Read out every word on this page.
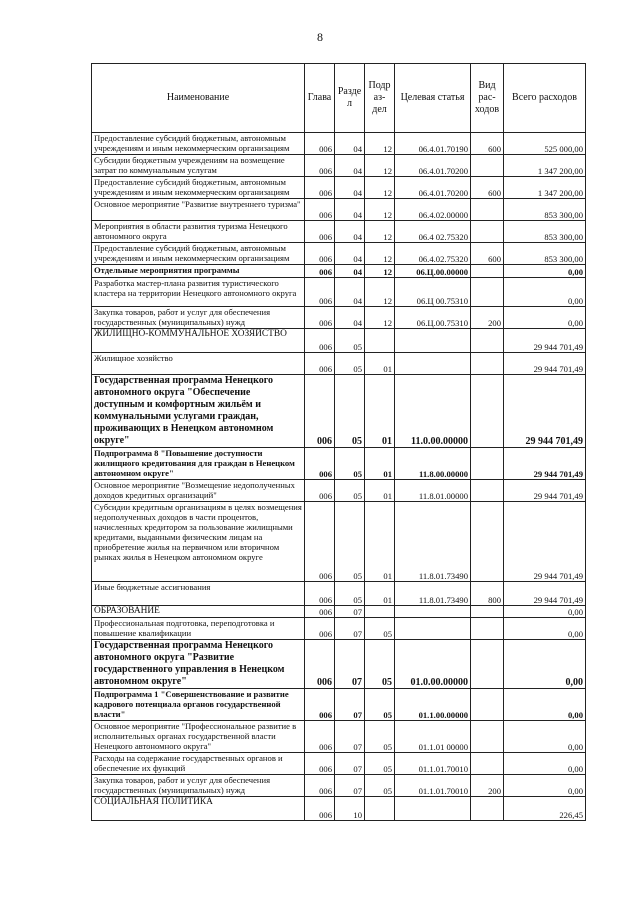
8
Наименование	Глава	Разде л	Подр аз- дел	Целевая статья	Вид рас- ходов	Всего расходов
Предоставление субсидий бюджетным, автономным учреждениям и иным некоммерческим организациям	006	04	12	06.4.01.70190	600	525 000,00
Субсидии бюджетным учреждениям на возмещение затрат по коммунальным услугам	006	04	12	06.4.01.70200		1 347 200,00
Предоставление субсидий бюджетным, автономным учреждениям и иным некоммерческим организациям	006	04	12	06.4.01.70200	600	1 347 200,00
Основное мероприятие "Развитие внутреннего туризма"	006	04	12	06.4.02.00000		853 300,00
Мероприятия в области развития туризма Ненецкого автономного округа	006	04	12	06.4 02.75320		853 300,00
Предоставление субсидий бюджетным, автономным учреждениям и иным некоммерческим организациям	006	04	12	06.4.02.75320	600	853 300,00
Отдельные мероприятия программы	006	04	12	06.Ц.00.00000		0,00
Разработка мастер-плана развития туристического кластера на территории Ненецкого автономного округа	006	04	12	06.Ц 00.75310		0,00
Закупка товаров, работ и услуг для обеспечения государственных (муниципальных) нужд	006	04	12	06.Ц.00.75310	200	0,00
ЖИЛИЩНО-КОММУНАЛЬНОЕ ХОЗЯЙСТВО	006	05				29 944 701,49
Жилищное хозяйство	006	05	01			29 944 701,49
Государственная программа Ненецкого автономного округа "Обеспечение доступным и комфортным жильём и коммунальными услугами граждан, проживающих в Ненецком автономном округе"	006	05	01	11.0.00.00000		29 944 701,49
Подпрограмма 8 "Повышение доступности жилищного кредитования для граждан в Ненецком автономном округе"	006	05	01	11.8.00.00000		29 944 701,49
Основное мероприятие "Возмещение недополученных доходов кредитных организаций"	006	05	01	11.8.01.00000		29 944 701,49
Субсидии кредитным организациям в целях возмещения недополученных доходов в части процентов, начисленных кредитором за пользование жилищными кредитами, выданными физическим лицам на приобретение жилья на первичном или вторичном рынках жилья в Ненецком автономном округе	006	05	01	11.8.01.73490		29 944 701,49
Иные бюджетные ассигнования	006	05	01	11.8.01.73490	800	29 944 701,49
ОБРАЗОВАНИЕ	006	07				0,00
Профессиональная подготовка, переподготовка и повышение квалификации	006	07	05			0,00
Государственная программа Ненецкого автономного округа "Развитие государственного управления в Ненецком автономном округе"	006	07	05	01.0.00.00000		0,00
Подпрограмма 1 "Совершенствование и развитие кадрового потенциала органов государственной власти"	006	07	05	01.1.00.00000		0,00
Основное мероприятие "Профессиональное развитие в исполнительных органах государственной власти Ненецкого автономного округа"	006	07	05	01.1.01 00000		0,00
Расходы на содержание государственных органов и обеспечение их функций	006	07	05	01.1.01.70010		0,00
Закупка товаров, работ и услуг для обеспечения государственных (муниципальных) нужд	006	07	05	01.1.01.70010	200	0,00
СОЦИАЛЬНАЯ ПОЛИТИКА	006	10				226,45
